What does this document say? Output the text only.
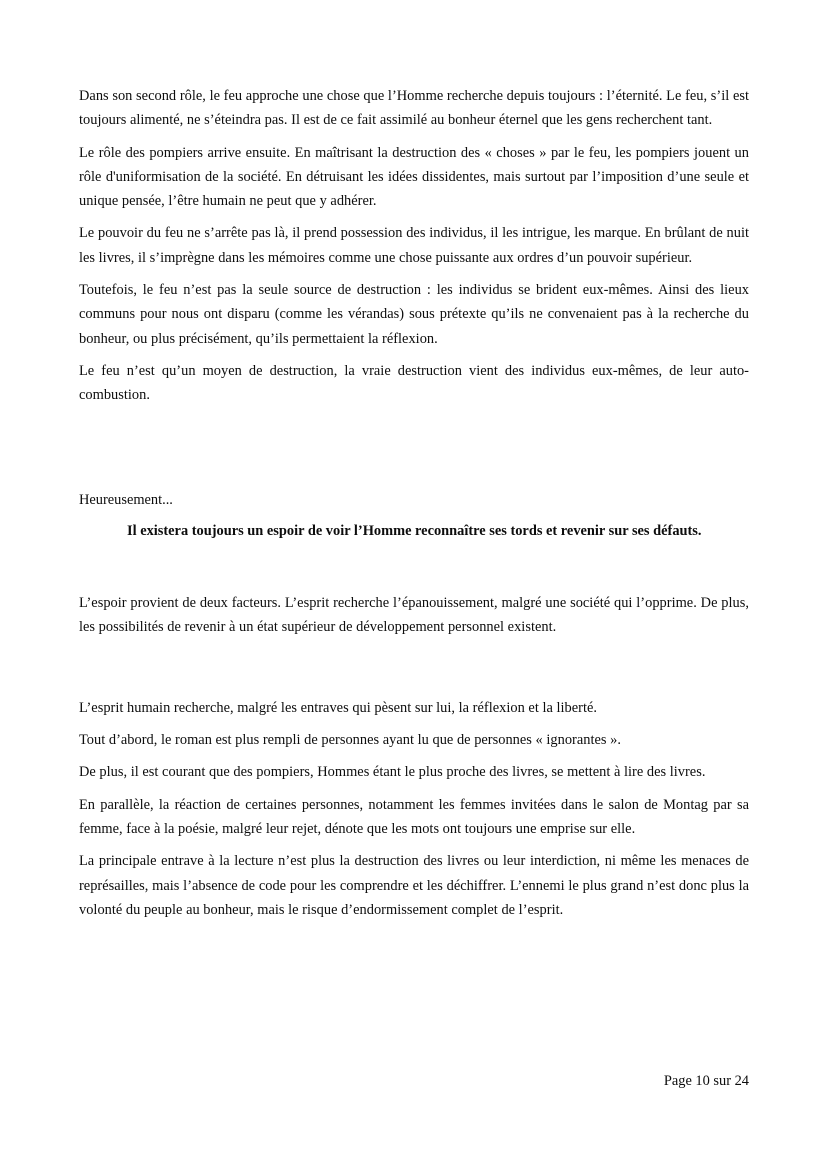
Dans son second rôle, le feu approche une chose que l’Homme recherche depuis toujours : l’éternité. Le feu, s’il est toujours alimenté, ne s’éteindra pas. Il est de ce fait assimilé au bonheur éternel que les gens recherchent tant.

Le rôle des pompiers arrive ensuite. En maîtrisant la destruction des « choses » par le feu, les pompiers jouent un rôle d'uniformisation de la société. En détruisant les idées dissidentes, mais surtout par l’imposition d’une seule et unique pensée, l’être humain ne peut que y adhérer.

Le pouvoir du feu ne s’arrête pas là, il prend possession des individus, il les intrigue, les marque. En brûlant de nuit les livres, il s’imprègne dans les mémoires comme une chose puissante aux ordres d’un pouvoir supérieur.

Toutefois, le feu n’est pas la seule source de destruction : les individus se brident eux-mêmes. Ainsi des lieux communs pour nous ont disparu (comme les vérandas) sous prétexte qu’ils ne convenaient pas à la recherche du bonheur, ou plus précisément, qu’ils permettaient la réflexion.

Le feu n’est qu’un moyen de destruction, la vraie destruction vient des individus eux-mêmes, de leur auto-combustion.

Heureusement...

Il existera toujours un espoir de voir l’Homme reconnaître ses tords et revenir sur ses défauts.

L’espoir provient de deux facteurs. L’esprit recherche l’épanouissement, malgré une société qui l’opprime. De plus, les possibilités de revenir à un état supérieur de développement personnel existent.

L’esprit humain recherche, malgré les entraves qui pèsent sur lui, la réflexion et la liberté.

Tout d’abord, le roman est plus rempli de personnes ayant lu que de personnes « ignorantes ».

De plus, il est courant que des pompiers, Hommes étant le plus proche des livres, se mettent à lire des livres.

En parallèle, la réaction de certaines personnes, notamment les femmes invitées dans le salon de Montag par sa femme, face à la poésie, malgré leur rejet, dénote que les mots ont toujours une emprise sur elle.

La principale entrave à la lecture n’est plus la destruction des livres ou leur interdiction, ni même les menaces de représailles, mais l’absence de code pour les comprendre et les déchiffrer. L’ennemi le plus grand n’est donc plus la volonté du peuple au bonheur, mais le risque d’endormissement complet de l’esprit.

Page 10 sur 24
